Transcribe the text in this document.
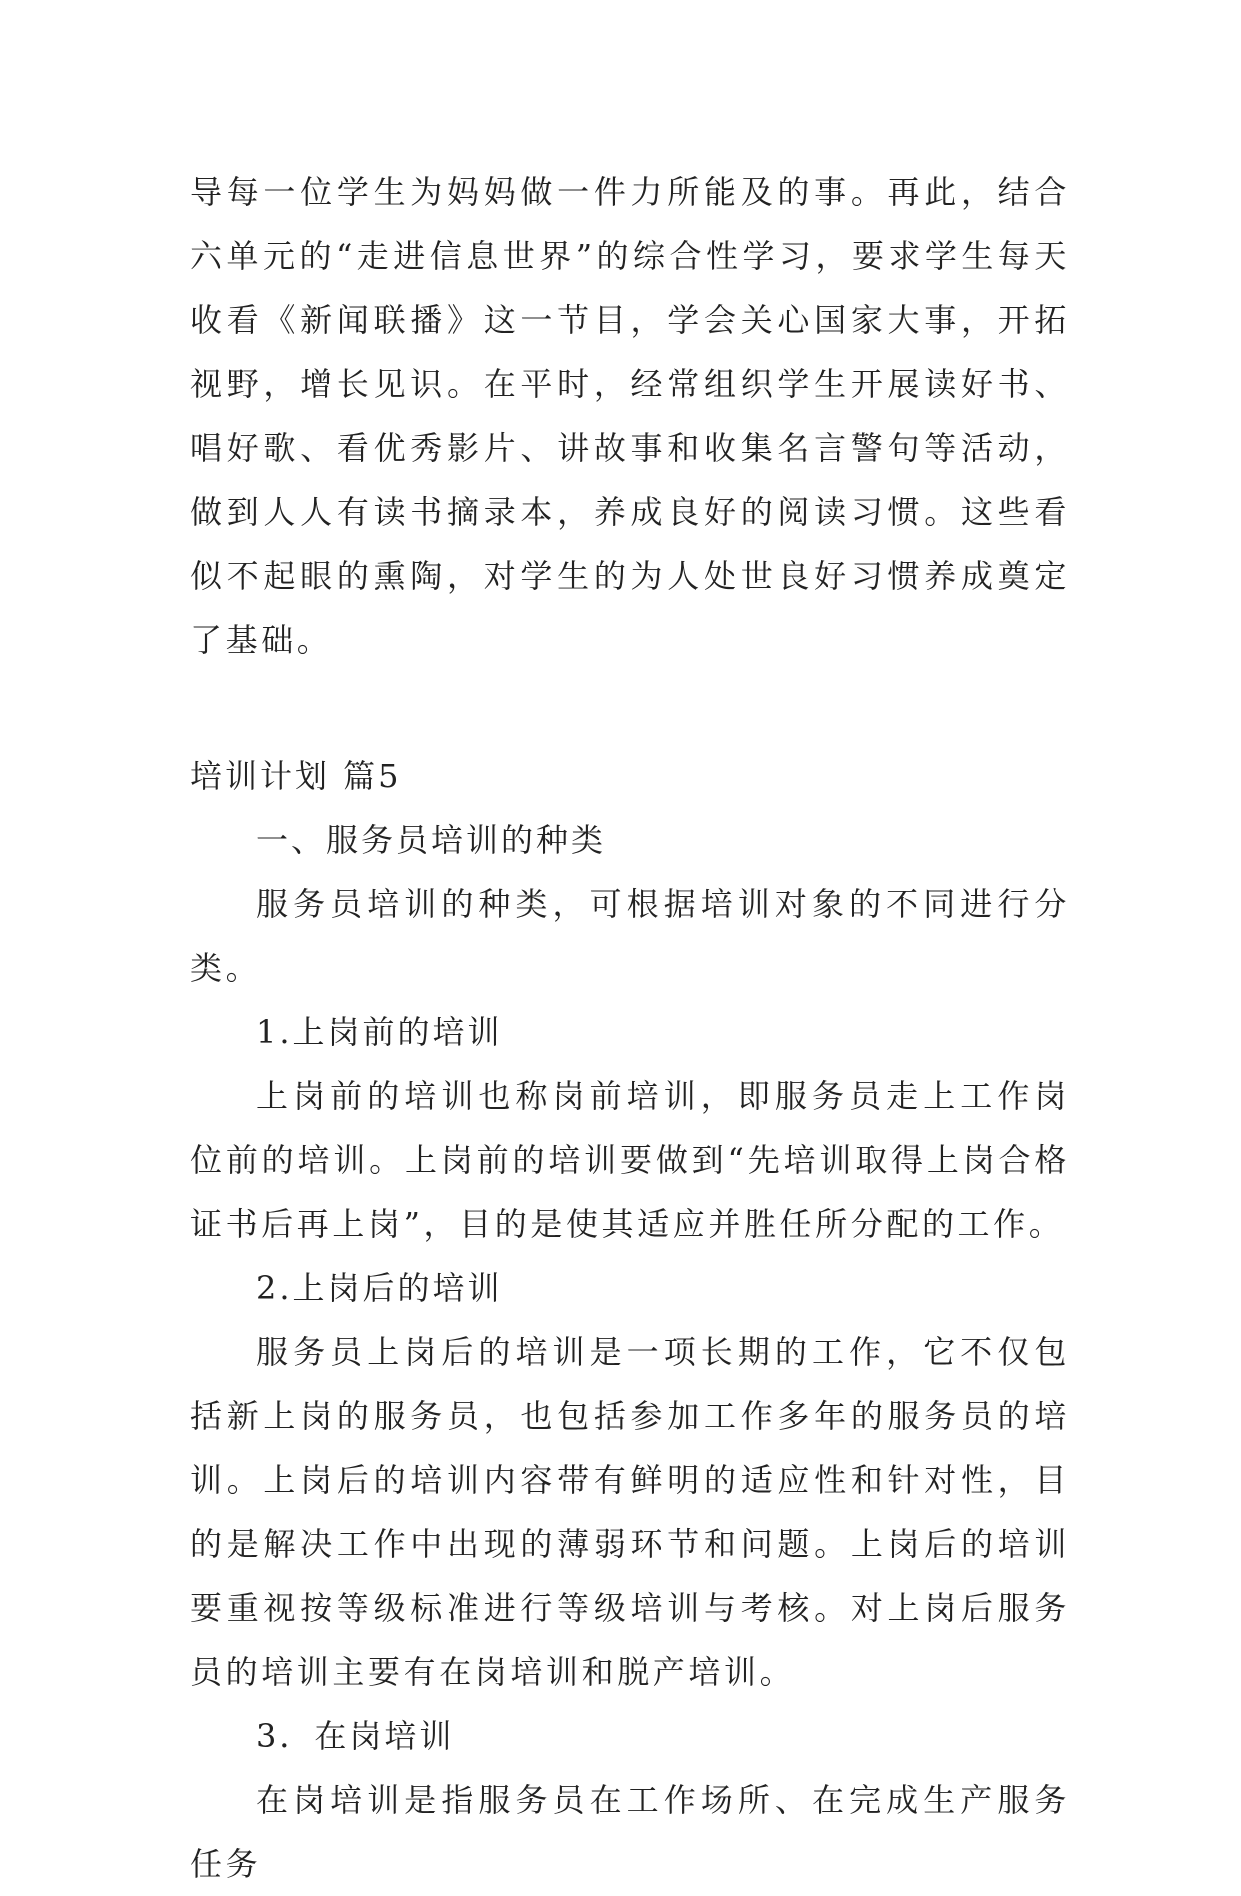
导每一位学生为妈妈做一件力所能及的事。再此，结合六单元的“走进信息世界”的综合性学习，要求学生每天收看《新闻联播》这一节目，学会关心国家大事，开拓视野，增长见识。在平时，经常组织学生开展读好书、唱好歌、看优秀影片、讲故事和收集名言警句等活动，做到人人有读书摘录本，养成良好的阅读习惯。这些看似不起眼的熏陶，对学生的为人处世良好习惯养成奠定了基础。

培训计划 篇5

一、服务员培训的种类

服务员培训的种类，可根据培训对象的不同进行分类。

1.上岗前的培训

上岗前的培训也称岗前培训，即服务员走上工作岗位前的培训。上岗前的培训要做到“先培训取得上岗合格证书后再上岗”，目的是使其适应并胜任所分配的工作。

2.上岗后的培训

服务员上岗后的培训是一项长期的工作，它不仅包括新上岗的服务员，也包括参加工作多年的服务员的培训。上岗后的培训内容带有鲜明的适应性和针对性，目的是解决工作中出现的薄弱环节和问题。上岗后的培训要重视按等级标准进行等级培训与考核。对上岗后服务员的培训主要有在岗培训和脱产培训。

3．在岗培训

在岗培训是指服务员在工作场所、在完成生产服务任务
